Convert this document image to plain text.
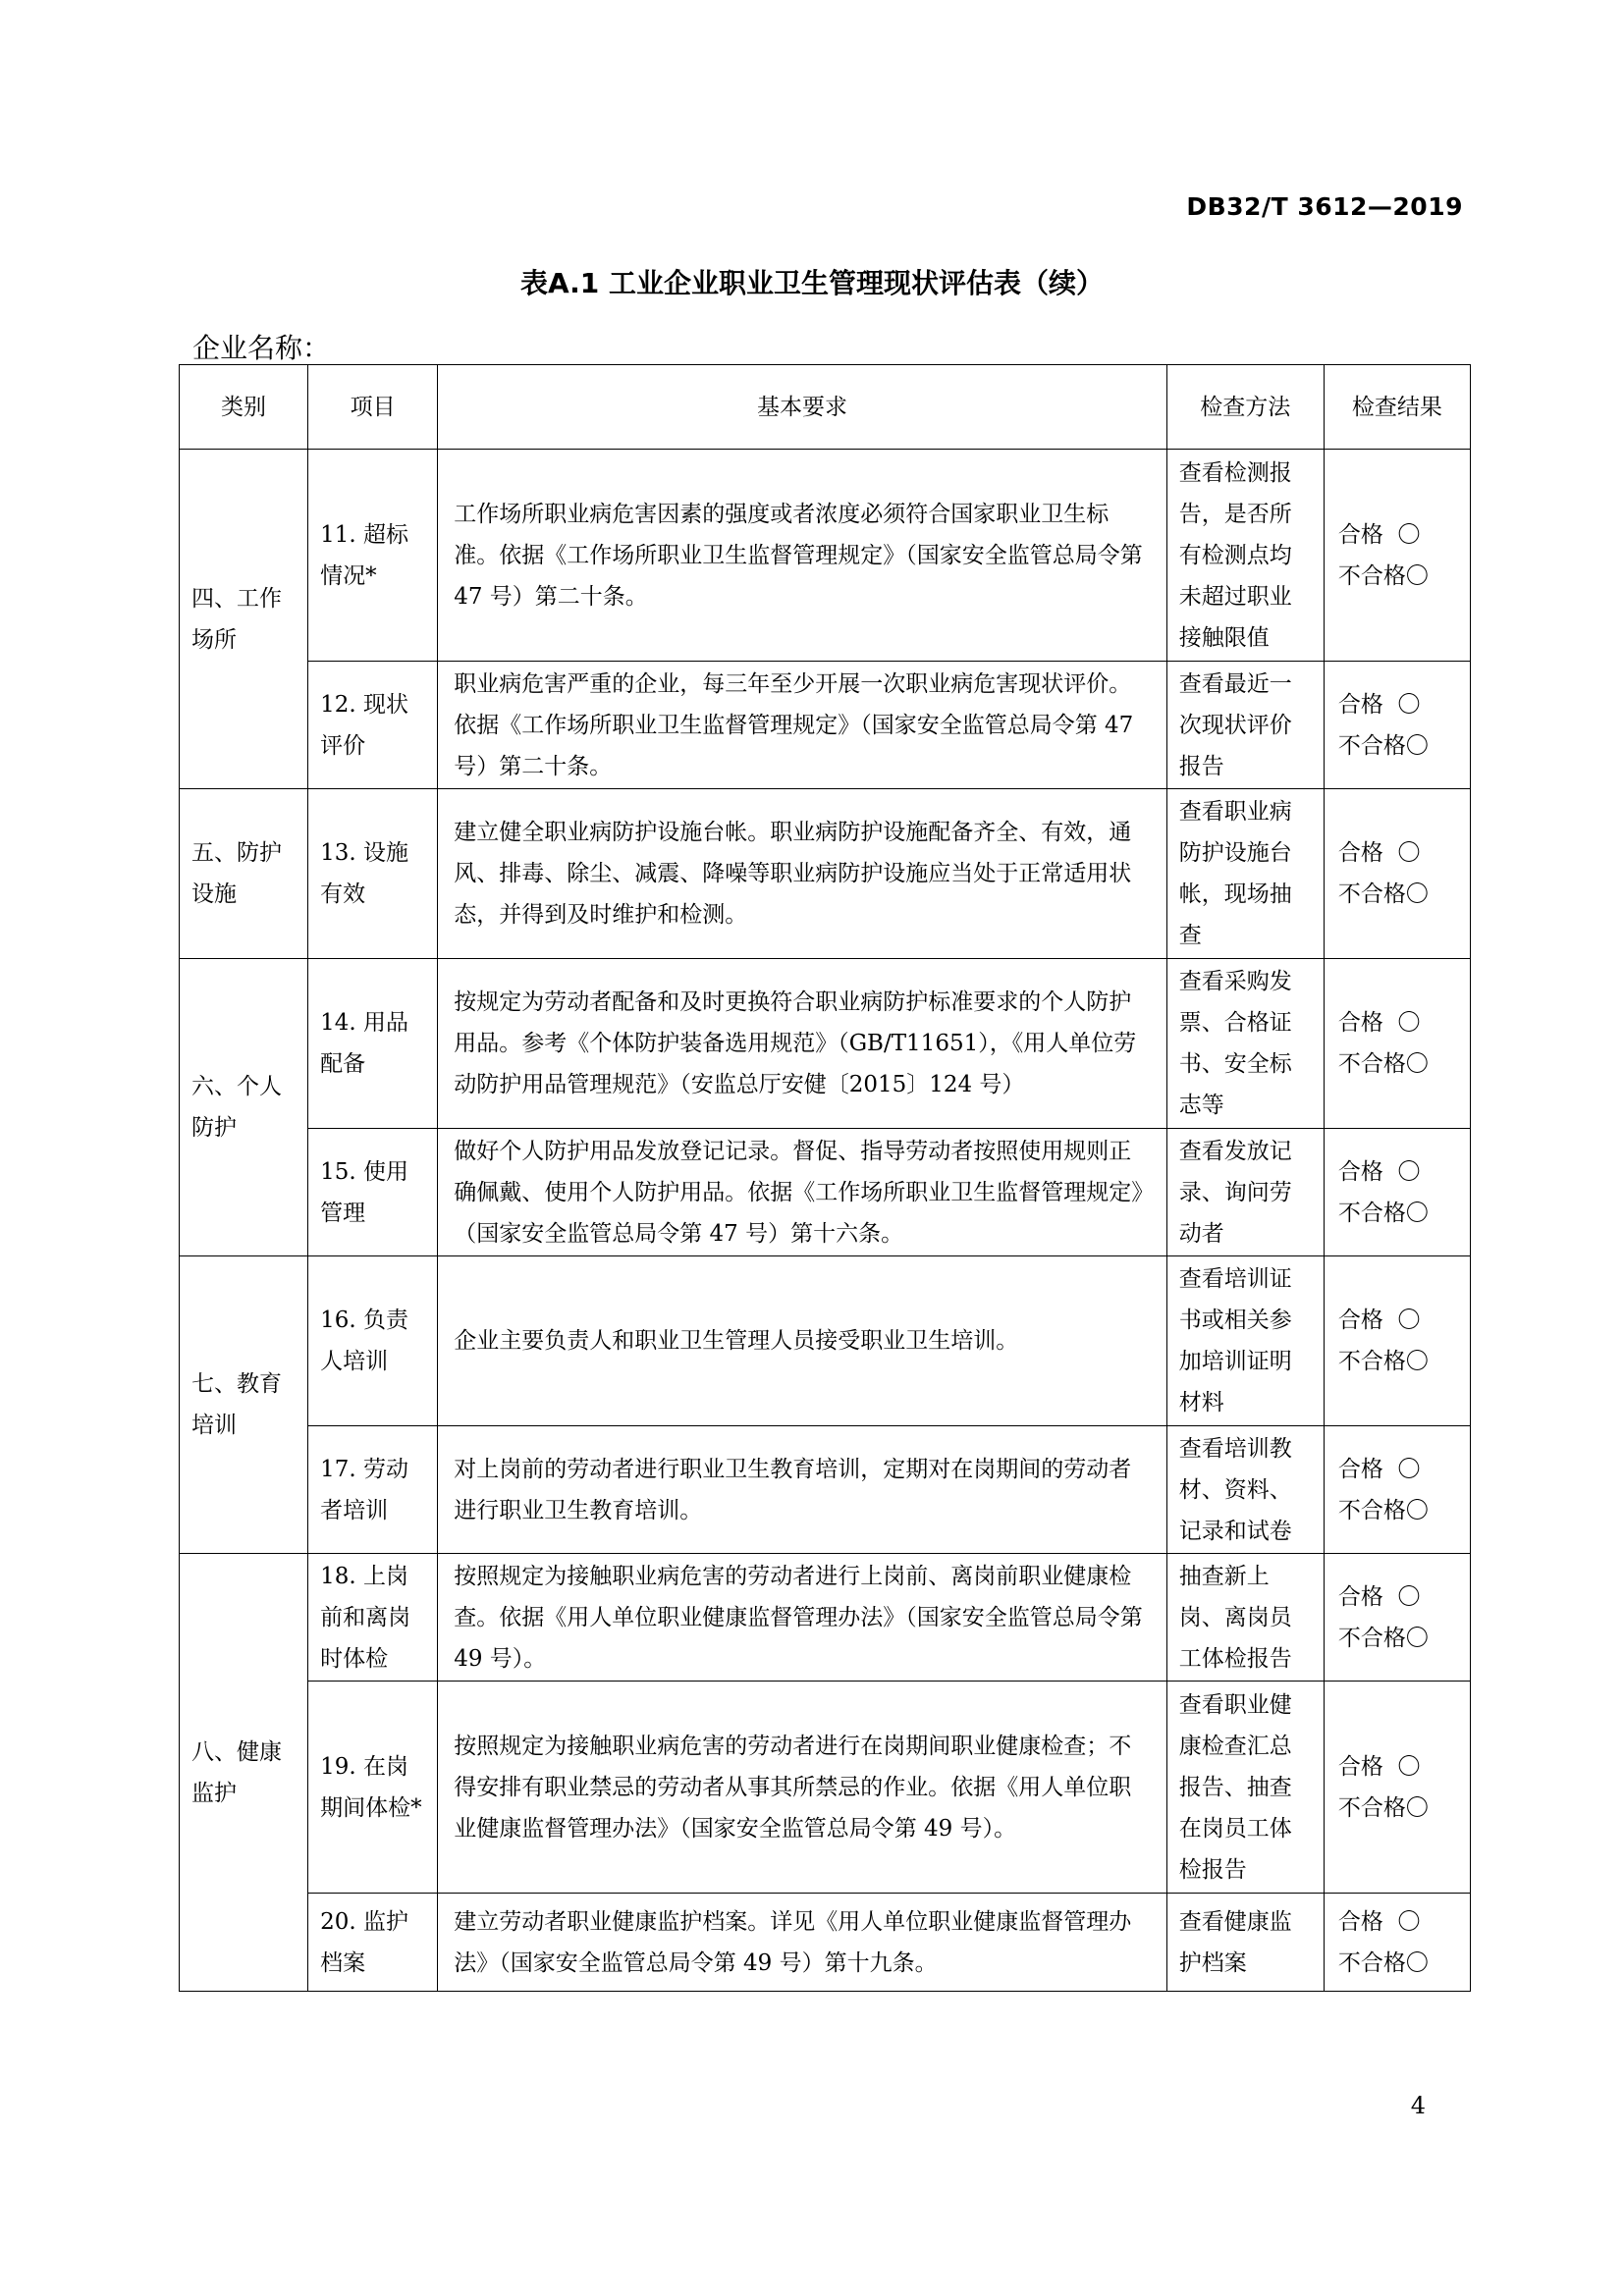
DB32/T 3612—2019
表A.1 工业企业职业卫生管理现状评估表（续）
企业名称：
类别	项目	基本要求	检查方法	检查结果
四、工作场所	11. 超标情况*	工作场所职业病危害因素的强度或者浓度必须符合国家职业卫生标准。依据《工作场所职业卫生监督管理规定》（国家安全监管总局令第 47 号）第二十条。	查看检测报告，是否所有检测点均未超过职业接触限值	合格  〇
不合格〇

	12. 现状评价	职业病危害严重的企业，每三年至少开展一次职业病危害现状评价。依据《工作场所职业卫生监督管理规定》（国家安全监管总局令第 47 号）第二十条。	查看最近一次现状评价报告	合格  〇
不合格〇

五、防护设施	13. 设施有效	建立健全职业病防护设施台帐。职业病防护设施配备齐全、有效，通风、排毒、除尘、减震、降噪等职业病防护设施应当处于正常适用状态，并得到及时维护和检测。	查看职业病防护设施台帐，现场抽查	合格  〇
不合格〇

六、个人防护	14. 用品配备	按规定为劳动者配备和及时更换符合职业病防护标准要求的个人防护用品。参考《个体防护装备选用规范》（GB/T11651），《用人单位劳动防护用品管理规范》（安监总厅安健〔2015〕124 号）	查看采购发票、合格证书、安全标志等	合格  〇
不合格〇

	15. 使用管理	做好个人防护用品发放登记记录。督促、指导劳动者按照使用规则正确佩戴、使用个人防护用品。依据《工作场所职业卫生监督管理规定》（国家安全监管总局令第 47 号）第十六条。	查看发放记录、询问劳动者	合格  〇
不合格〇

七、教育培训	16. 负责人培训	企业主要负责人和职业卫生管理人员接受职业卫生培训。	查看培训证书或相关参加培训证明材料	合格  〇
不合格〇

	17. 劳动者培训	对上岗前的劳动者进行职业卫生教育培训，定期对在岗期间的劳动者进行职业卫生教育培训。	查看培训教材、资料、记录和试卷	合格  〇
不合格〇

八、健康监护	18. 上岗前和离岗时体检	按照规定为接触职业病危害的劳动者进行上岗前、离岗前职业健康检查。依据《用人单位职业健康监督管理办法》（国家安全监管总局令第 49 号）。	抽查新上岗、离岗员工体检报告	合格  〇
不合格〇

	19. 在岗期间体检*	按照规定为接触职业病危害的劳动者进行在岗期间职业健康检查；不得安排有职业禁忌的劳动者从事其所禁忌的作业。依据《用人单位职业健康监督管理办法》（国家安全监管总局令第 49 号）。	查看职业健康检查汇总报告、抽查在岗员工体检报告	合格  〇
不合格〇

	20. 监护档案	建立劳动者职业健康监护档案。详见《用人单位职业健康监督管理办法》（国家安全监管总局令第 49 号）第十九条。	查看健康监护档案	合格  〇
不合格〇
4
